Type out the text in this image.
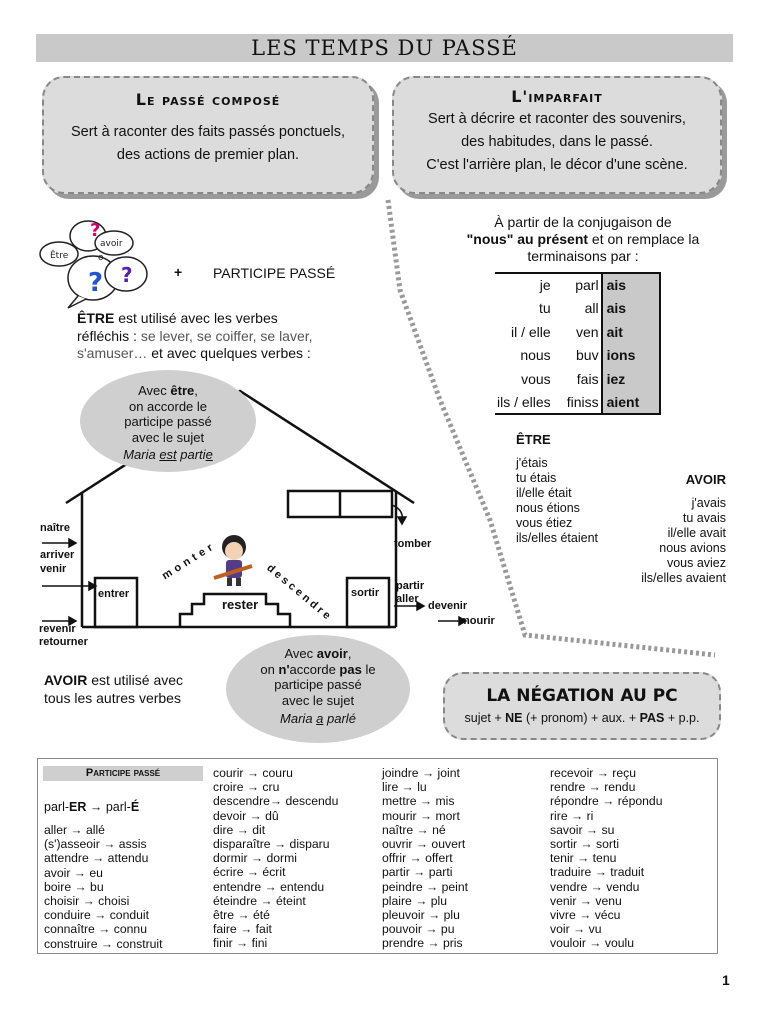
LES TEMPS DU PASSÉ
Le passé composé
Sert à raconter des faits passés ponctuels,
des actions de premier plan.
L'imparfait
Sert à décrire et raconter des souvenirs,
des habitudes, dans le passé.
C'est l'arrière plan, le décor d'une scène.
?
? ?
o
Être
avoir
+ PARTICIPE PASSÉ
ÊTRE est utilisé avec les verbes
réfléchis : se lever, se coiffer, se laver,
s'amuser… et avec quelques verbes :
naître
arriver
venir
revenir
retourner
entrer
rester
sortir
monter
descendre
tomber
partir
aller
devenir
mourir
Avec être,
on accorde le
participe passé
avec le sujet
Maria est partie
AVOIR est utilisé avec
tous les autres verbes
Avec avoir,
on n'accorde pas le
participe passé
avec le sujet
Maria a parlé
À partir de la conjugaison de
"nous" au présent et on remplace la
terminaisons par :
je	parl	ais
tu	all	ais
il / elle	ven	ait
nous	buv	ions
vous	fais	iez
ils / elles	finiss	aient
ÊTRE
j'étais
tu étais
il/elle était
nous étions
vous étiez
ils/elles étaient
AVOIR
j'avais
tu avais
il/elle avait
nous avions
vous aviez
ils/elles avaient
LA NÉGATION AU PC
sujet + NE (+ pronom) + aux. + PAS + p.p.
Participe passé
parl-ER → parl-É
aller → allé
(s')asseoir → assis
attendre → attendu
avoir → eu
boire → bu
choisir → choisi
conduire → conduit
connaître → connu
construire → construit
courir → couru
croire → cru
descendre→ descendu
devoir → dû
dire → dit
disparaître → disparu
dormir → dormi
écrire → écrit
entendre → entendu
éteindre → éteint
être → été
faire → fait
finir → fini
joindre → joint
lire → lu
mettre → mis
mourir → mort
naître → né
ouvrir → ouvert
offrir → offert
partir → parti
peindre → peint
plaire → plu
pleuvoir → plu
pouvoir → pu
prendre → pris
recevoir → reçu
rendre → rendu
répondre → répondu
rire → ri
savoir → su
sortir → sorti
tenir → tenu
traduire → traduit
vendre → vendu
venir → venu
vivre → vécu
voir → vu
vouloir → voulu
1
